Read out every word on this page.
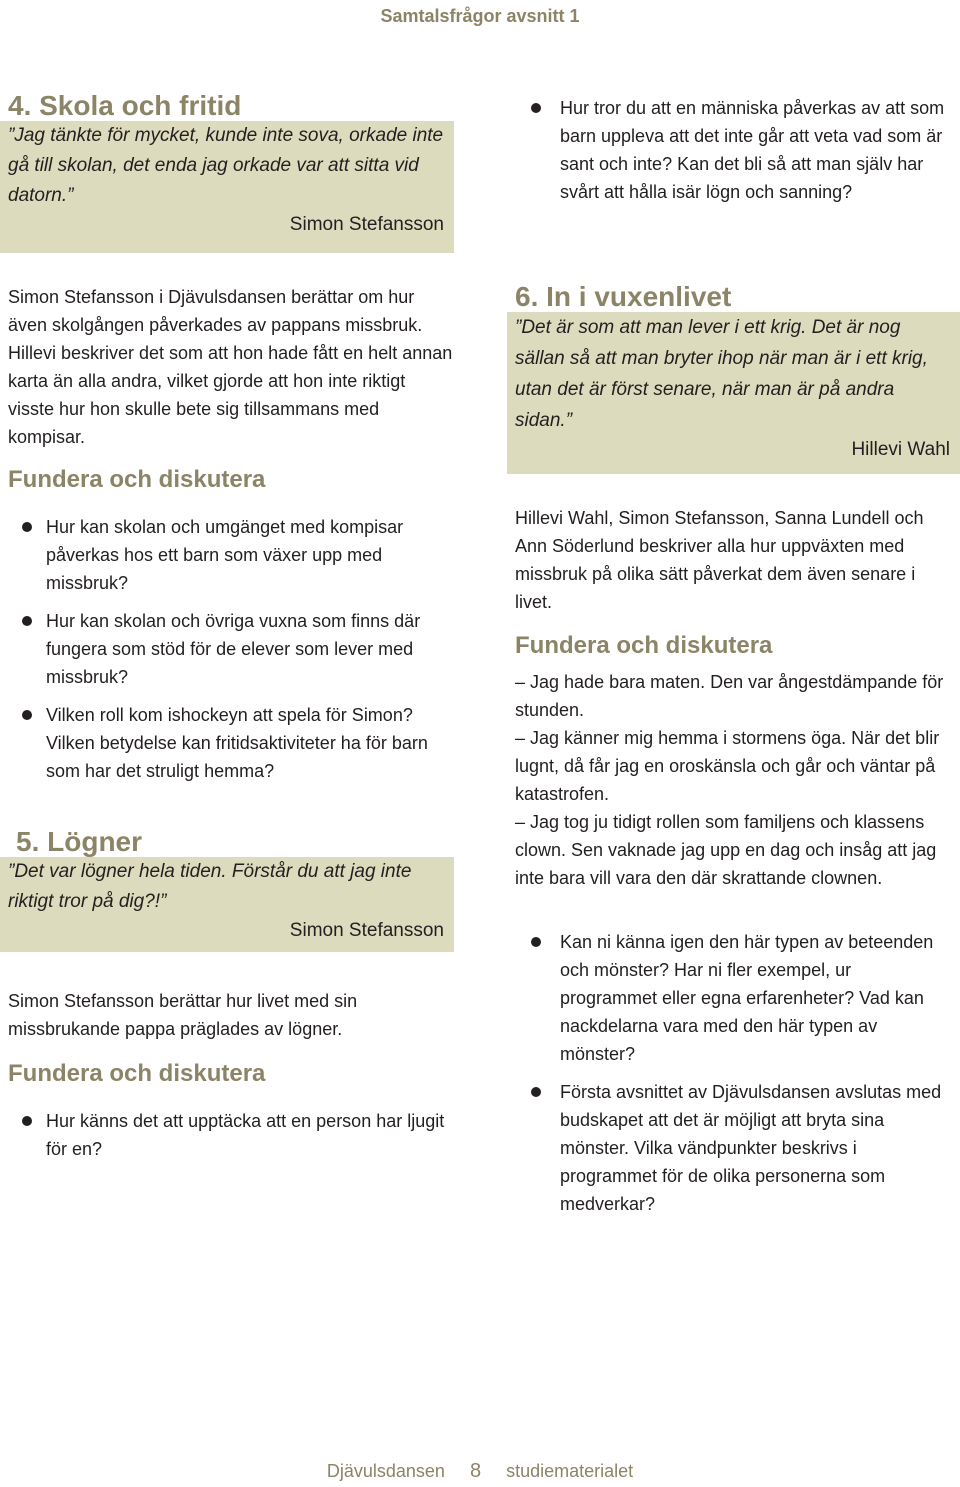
Samtalsfrågor avsnitt 1
4. Skola och fritid
”Jag tänkte för mycket, kunde inte sova, orkade inte gå till skolan, det enda jag orkade var att sitta vid datorn.”
Simon Stefansson

Simon Stefansson i Djävulsdansen berättar om hur även skolgången påverkades av pappans missbruk. Hillevi beskriver det som att hon hade fått en helt annan karta än alla andra, vilket gjorde att hon inte riktigt visste hur hon skulle bete sig tillsammans med kompisar.

Fundera och diskutera
Hur kan skolan och umgänget med kompisar påverkas hos ett barn som växer upp med missbruk?
Hur kan skolan och övriga vuxna som finns där fungera som stöd för de elever som lever med missbruk?
Vilken roll kom ishockeyn att spela för Simon? Vilken betydelse kan fritidsaktiviteter ha för barn som har det struligt hemma?
5. Lögner
”Det var lögner hela tiden. Förstår du att jag inte riktigt tror på dig?!”
Simon Stefansson

Simon Stefansson berättar hur livet med sin missbrukande pappa präglades av lögner.

Fundera och diskutera
Hur känns det att upptäcka att en person har ljugit för en?
Hur tror du att en människa påverkas av att som barn uppleva att det inte går att veta vad som är sant och inte? Kan det bli så att man själv har svårt att hålla isär lögn och sanning?
6. In i vuxenlivet
”Det är som att man lever i ett krig. Det är nog sällan så att man bryter ihop när man är i ett krig, utan det är först senare, när man är på andra sidan.”
Hillevi Wahl

Hillevi Wahl, Simon Stefansson, Sanna Lundell och Ann Söderlund beskriver alla hur uppväxten med missbruk på olika sätt påverkat dem även senare i livet.

Fundera och diskutera
– Jag hade bara maten. Den var ångestdämpande för stunden.
– Jag känner mig hemma i stormens öga. När det blir lugnt, då får jag en oroskänsla och går och väntar på katastrofen.
– Jag tog ju tidigt rollen som familjens och klassens clown. Sen vaknade jag upp en dag och insåg att jag inte bara vill vara den där skrattande clownen.
Kan ni känna igen den här typen av beteenden och mönster? Har ni fler exempel, ur programmet eller egna erfarenheter? Vad kan nackdelarna vara med den här typen av mönster?
Första avsnittet av Djävulsdansen avslutas med budskapet att det är möjligt att bryta sina mönster. Vilka vändpunkter beskrivs i programmet för de olika personerna som medverkar?
Djävulsdansen 8 studiematerialet
